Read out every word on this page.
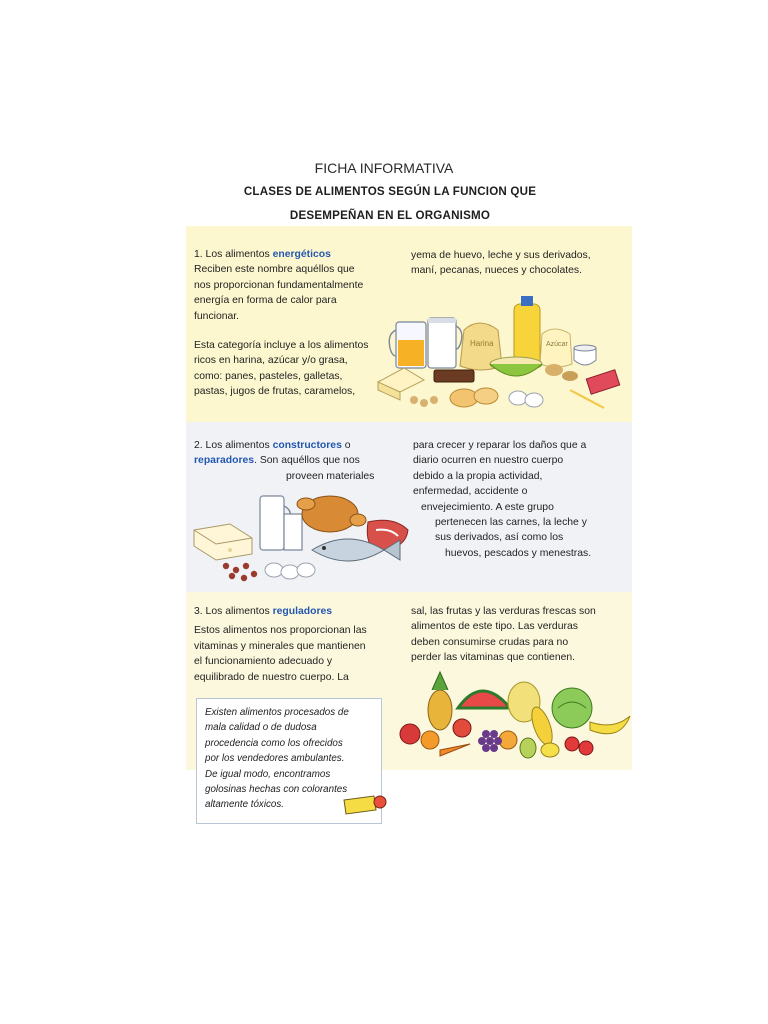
FICHA INFORMATIVA
CLASES DE ALIMENTOS SEGÚN LA FUNCION QUE
DESEMPEÑAN EN EL ORGANISMO

1. Los alimentos energéticos

Reciben este nombre aquéllos que

nos proporcionan fundamentalmente

energía en forma de calor para

funcionar.

Esta categoría incluye a los alimentos

ricos en harina, azúcar y/o grasa,

como: panes, pasteles, galletas,

pastas, jugos de frutas, caramelos,

yema de huevo, leche y sus derivados,

maní, pecanas, nueces y chocolates.

Harina	Azúcar

2. Los alimentos constructores o

reparadores. Son aquéllos que nos

proveen materiales

para crecer y reparar los daños que a

diario ocurren en nuestro cuerpo

debido a la propia actividad,

enfermedad, accidente o

envejecimiento. A este grupo

pertenecen las carnes, la leche y

sus derivados, así como los

huevos, pescados y menestras.

3. Los alimentos reguladores

Estos alimentos nos proporcionan las

vitaminas y minerales que mantienen

el funcionamiento adecuado y

equilibrado de nuestro cuerpo. La

sal, las frutas y las verduras frescas son

alimentos de este tipo. Las verduras

deben consumirse crudas para no

perder las vitaminas que contienen.

Existen alimentos procesados de
mala calidad o de dudosa
procedencia como los ofrecidos
por los vendedores ambulantes.
De igual modo, encontramos
golosinas hechas con colorantes
altamente tóxicos.
